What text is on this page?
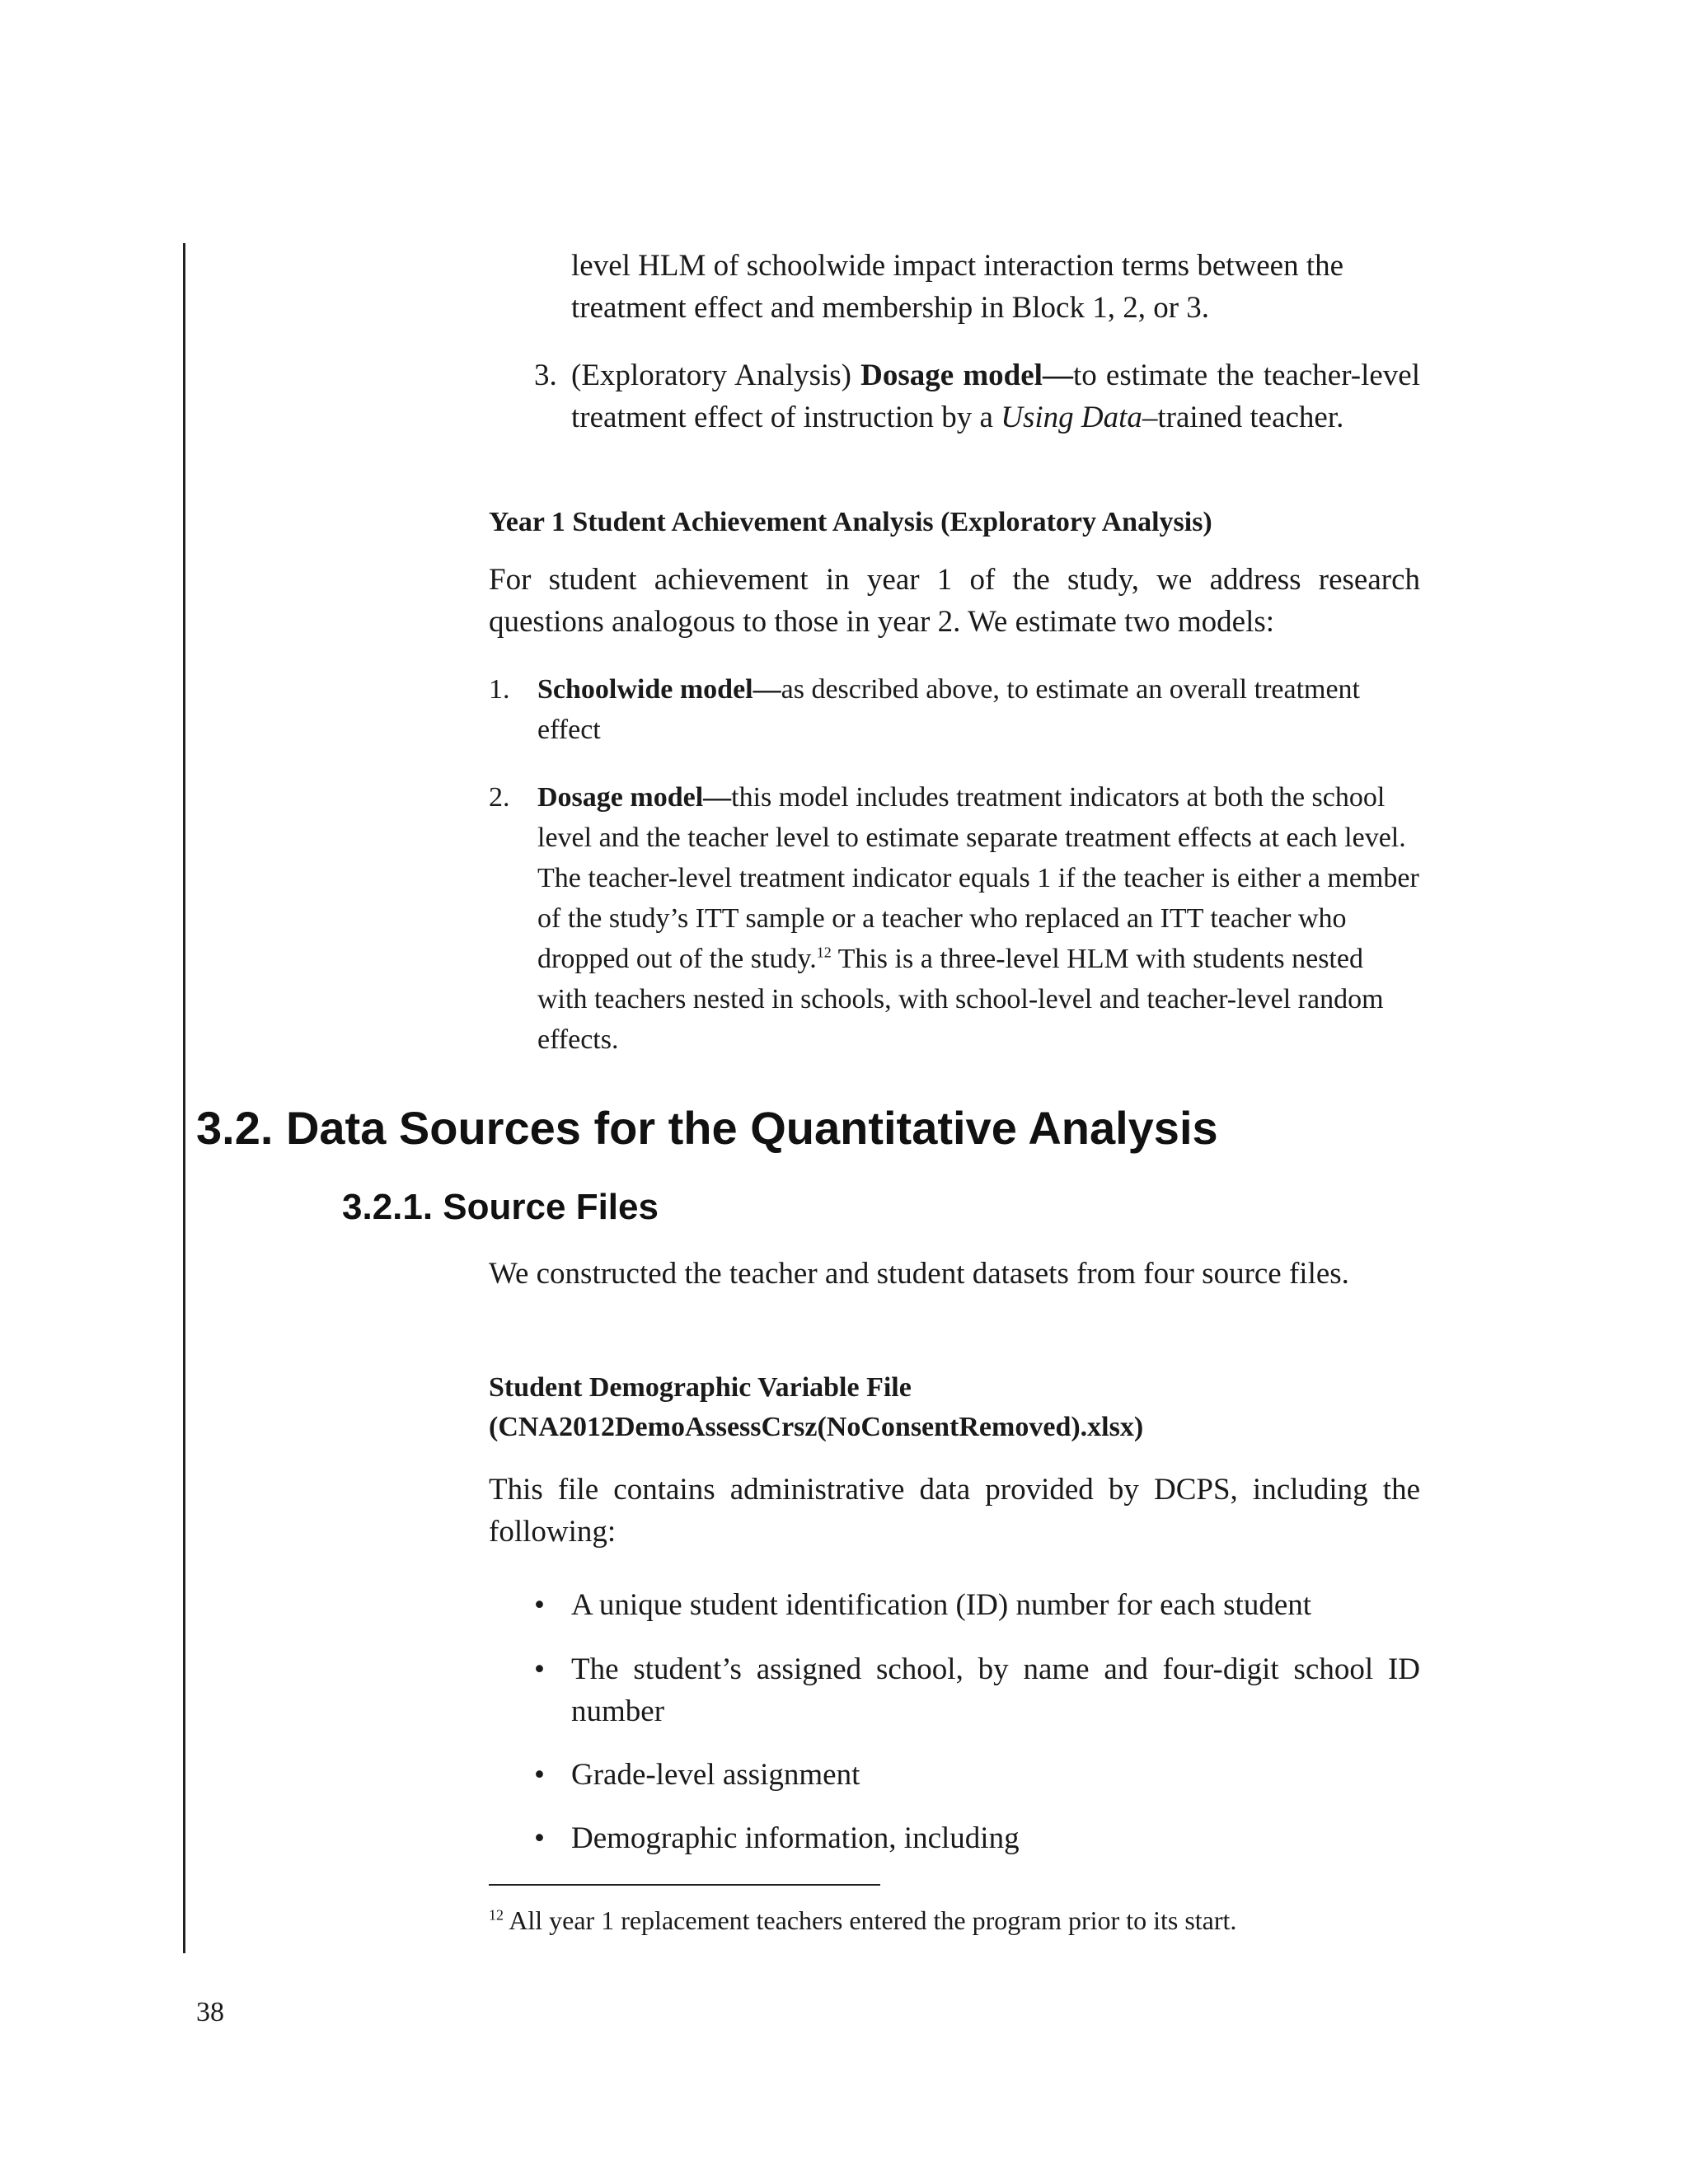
level HLM of schoolwide impact interaction terms between the
treatment effect and membership in Block 1, 2, or 3.
3. (Exploratory Analysis) Dosage model—to estimate the teacher-level treatment effect of instruction by a Using Data–trained teacher.
Year 1 Student Achievement Analysis (Exploratory Analysis)

For student achievement in year 1 of the study, we address research questions analogous to those in year 2. We estimate two models:

1. Schoolwide model—as described above, to estimate an overall treatment effect
2. Dosage model—this model includes treatment indicators at both the school level and the teacher level to estimate separate treatment effects at each level. The teacher-level treatment indicator equals 1 if the teacher is either a member of the study’s ITT sample or a teacher who replaced an ITT teacher who dropped out of the study.$^{12}$ This is a three-level HLM with students nested with teachers nested in schools, with school-level and teacher-level random effects.
3.2. Data Sources for the Quantitative Analysis
3.2.1. Source Files

We constructed the teacher and student datasets from four source files.

Student Demographic Variable File
(CNA2012DemoAssessCrsz(NoConsentRemoved).xlsx)

This file contains administrative data provided by DCPS, including the following:

• A unique student identification (ID) number for each student
• The student’s assigned school, by name and four-digit school ID number
• Grade-level assignment
• Demographic information, including
$^{12}$ All year 1 replacement teachers entered the program prior to its start.
38
